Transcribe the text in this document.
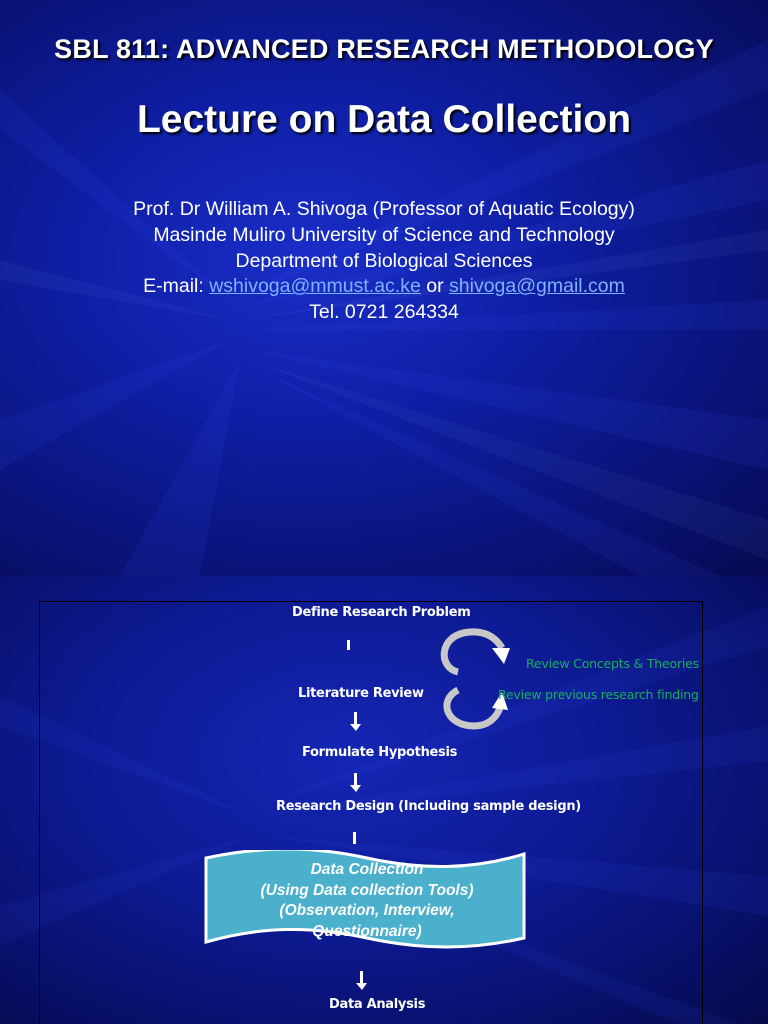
SBL 811: ADVANCED RESEARCH METHODOLOGY
Lecture on Data Collection
Prof. Dr William A. Shivoga (Professor of Aquatic Ecology)
Masinde Muliro University of Science and Technology
Department of Biological Sciences
E-mail: wshivoga@mmust.ac.ke or shivoga@gmail.com
Tel. 0721 264334
Define Research Problem
Literature Review
Formulate Hypothesis
Research Design (Including sample design)
Review Concepts & Theories
Review previous research finding
Data Collection
(Using Data collection Tools)
(Observation, Interview,
Questionnaire)
Data Analysis
